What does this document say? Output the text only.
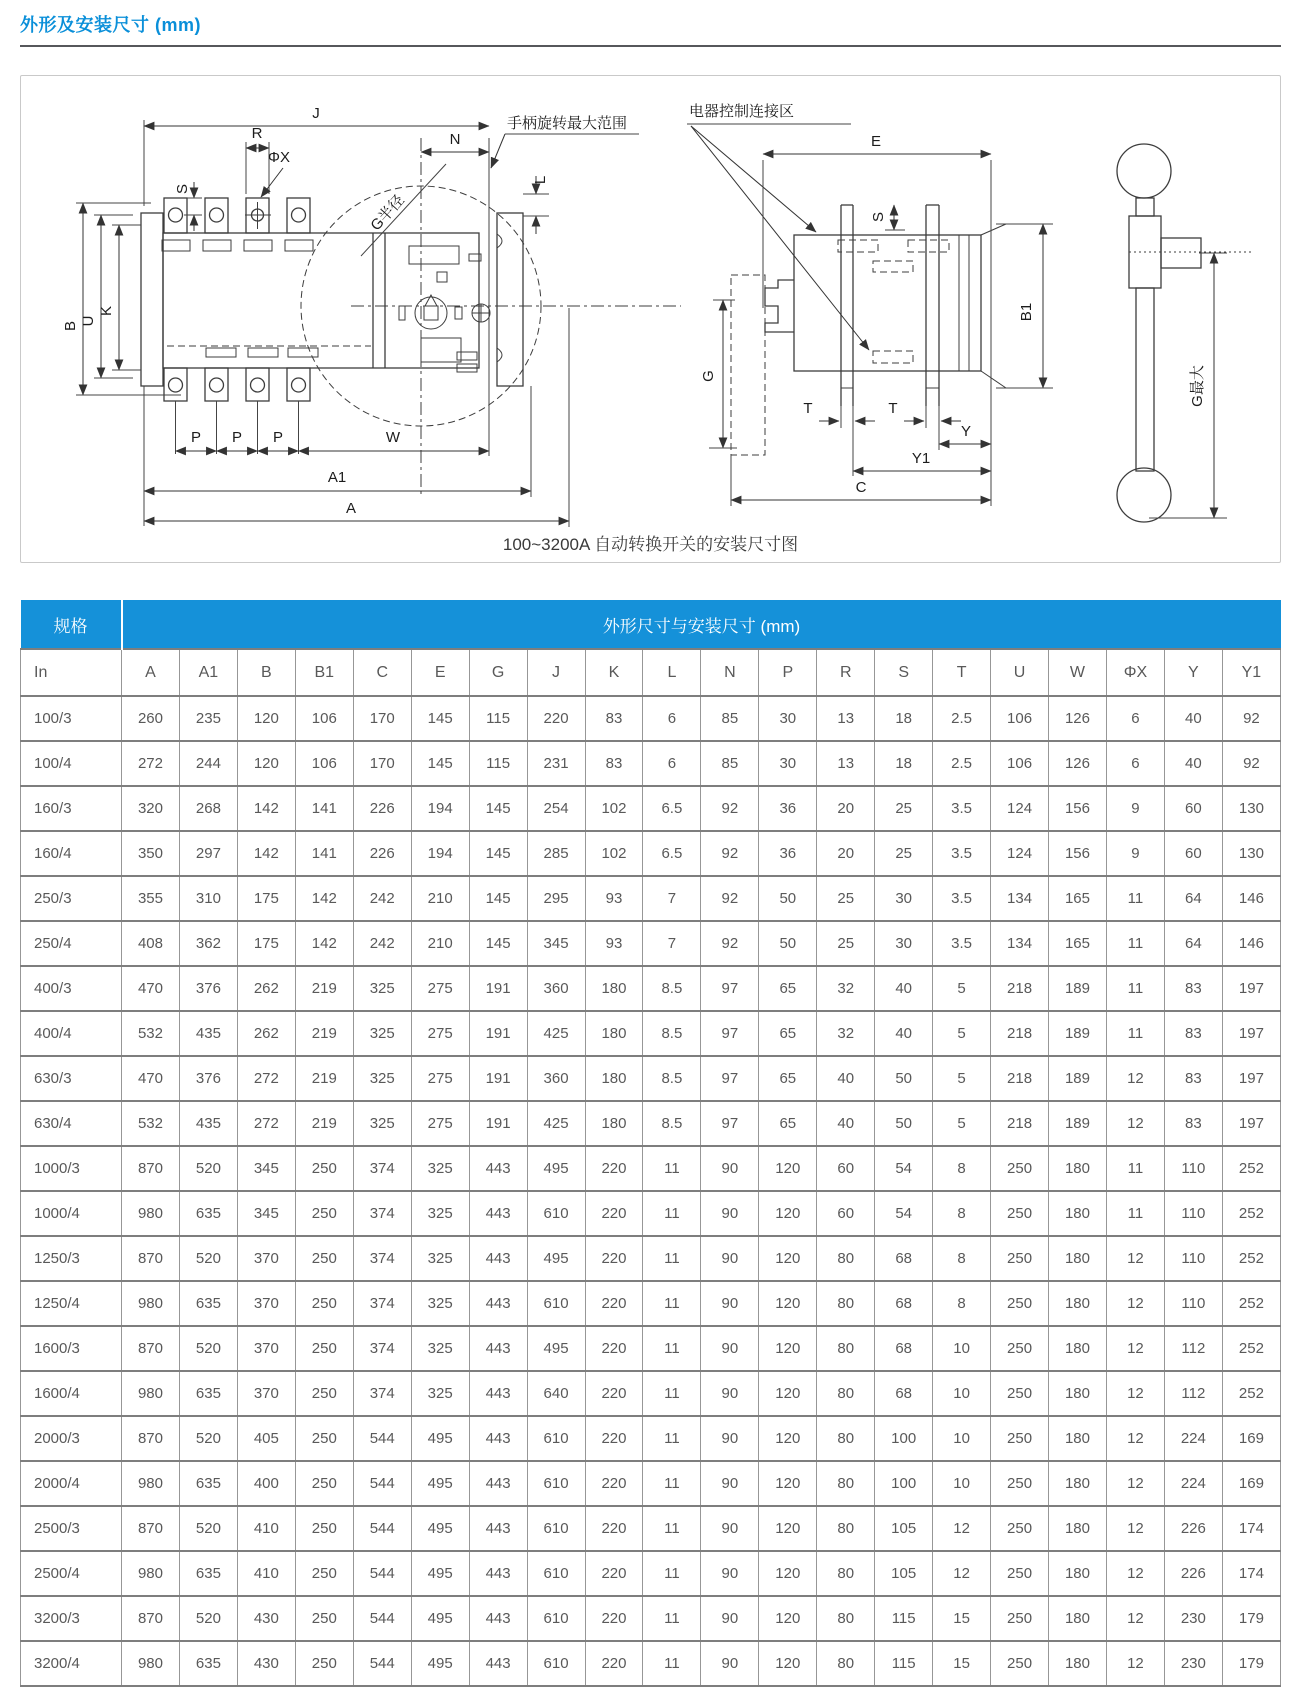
外形及安装尺寸 (mm)
J
N
R
ΦX
S
L
B U
K
P P P	W
A1
A
手柄旋转最大范围
G半径
电器控制连接区
E
S
B1
G
T	T
Y
Y1
C
G最大
100~3200A 自动转换开关的安装尺寸图
规格	外形尺寸与安装尺寸 (mm)																			
In	A	A1	B	B1	C	E	G	J	K	L	N	P	R	S	T	U	W	ΦX	Y	Y1
100/3	260	235	120	106	170	145	115	220	83	6	85	30	13	18	2.5	106	126	6	40	92
100/4	272	244	120	106	170	145	115	231	83	6	85	30	13	18	2.5	106	126	6	40	92
160/3	320	268	142	141	226	194	145	254	102	6.5	92	36	20	25	3.5	124	156	9	60	130
160/4	350	297	142	141	226	194	145	285	102	6.5	92	36	20	25	3.5	124	156	9	60	130
250/3	355	310	175	142	242	210	145	295	93	7	92	50	25	30	3.5	134	165	11	64	146
250/4	408	362	175	142	242	210	145	345	93	7	92	50	25	30	3.5	134	165	11	64	146
400/3	470	376	262	219	325	275	191	360	180	8.5	97	65	32	40	5	218	189	11	83	197
400/4	532	435	262	219	325	275	191	425	180	8.5	97	65	32	40	5	218	189	11	83	197
630/3	470	376	272	219	325	275	191	360	180	8.5	97	65	40	50	5	218	189	12	83	197
630/4	532	435	272	219	325	275	191	425	180	8.5	97	65	40	50	5	218	189	12	83	197
1000/3	870	520	345	250	374	325	443	495	220	11	90	120	60	54	8	250	180	11	110	252
1000/4	980	635	345	250	374	325	443	610	220	11	90	120	60	54	8	250	180	11	110	252
1250/3	870	520	370	250	374	325	443	495	220	11	90	120	80	68	8	250	180	12	110	252
1250/4	980	635	370	250	374	325	443	610	220	11	90	120	80	68	8	250	180	12	110	252
1600/3	870	520	370	250	374	325	443	495	220	11	90	120	80	68	10	250	180	12	112	252
1600/4	980	635	370	250	374	325	443	640	220	11	90	120	80	68	10	250	180	12	112	252
2000/3	870	520	405	250	544	495	443	610	220	11	90	120	80	100	10	250	180	12	224	169
2000/4	980	635	400	250	544	495	443	610	220	11	90	120	80	100	10	250	180	12	224	169
2500/3	870	520	410	250	544	495	443	610	220	11	90	120	80	105	12	250	180	12	226	174
2500/4	980	635	410	250	544	495	443	610	220	11	90	120	80	105	12	250	180	12	226	174
3200/3	870	520	430	250	544	495	443	610	220	11	90	120	80	115	15	250	180	12	230	179
3200/4	980	635	430	250	544	495	443	610	220	11	90	120	80	115	15	250	180	12	230	179
